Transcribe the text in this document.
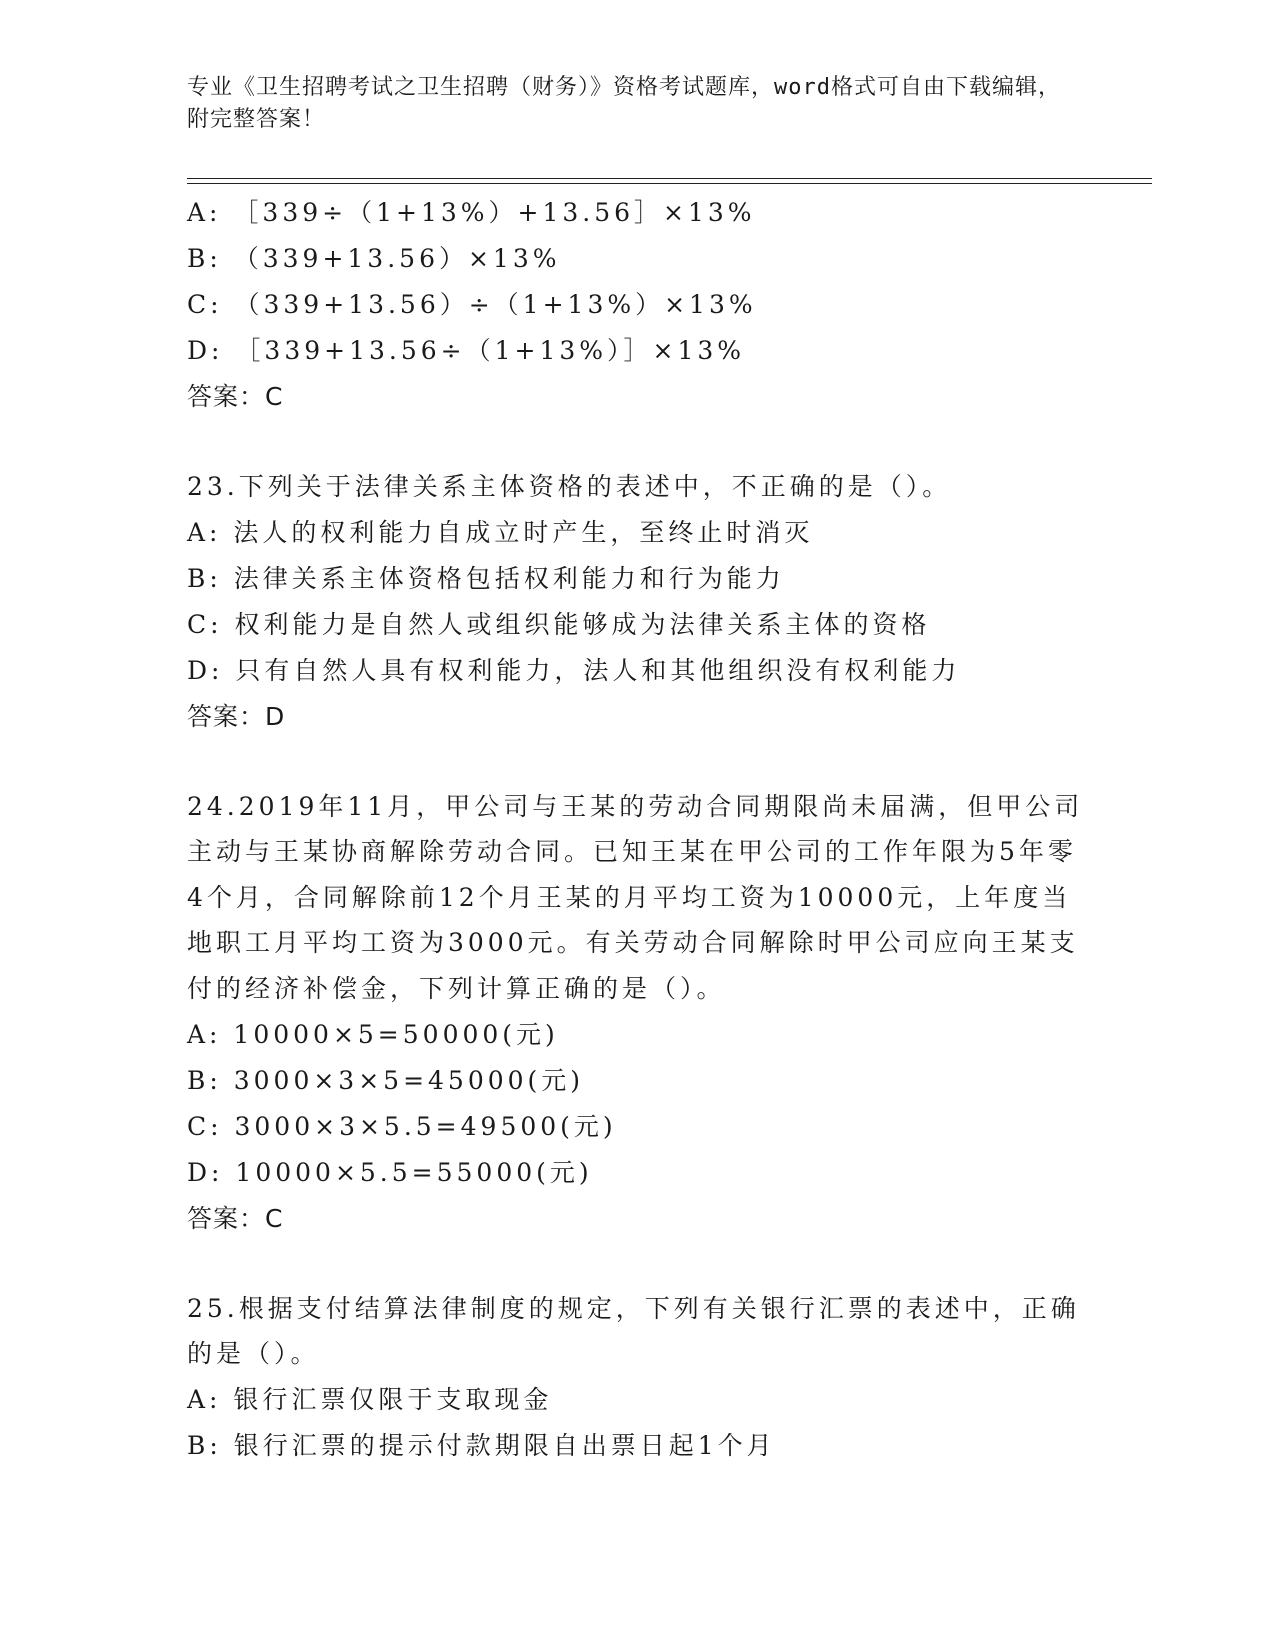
专业《卫生招聘考试之卫生招聘（财务）》资格考试题库，word格式可自由下载编辑，附完整答案！
A: ［339÷（1+13%）+13.56］×13%
B: （339+13.56）×13%
C: （339+13.56）÷（1+13%）×13%
D: ［339+13.56÷（1+13%）］×13%
答案：C
23.下列关于法律关系主体资格的表述中，不正确的是（）。
A: 法人的权利能力自成立时产生，至终止时消灭
B: 法律关系主体资格包括权利能力和行为能力
C: 权利能力是自然人或组织能够成为法律关系主体的资格
D: 只有自然人具有权利能力，法人和其他组织没有权利能力
答案：D
24.2019年11月，甲公司与王某的劳动合同期限尚未届满，但甲公司主动与王某协商解除劳动合同。已知王某在甲公司的工作年限为5年零4个月，合同解除前12个月王某的月平均工资为10000元，上年度当地职工月平均工资为3000元。有关劳动合同解除时甲公司应向王某支付的经济补偿金，下列计算正确的是（）。
A: 10000×5=50000(元)
B: 3000×3×5=45000(元)
C: 3000×3×5.5=49500(元)
D: 10000×5.5=55000(元)
答案：C
25.根据支付结算法律制度的规定，下列有关银行汇票的表述中，正确的是（）。
A: 银行汇票仅限于支取现金
B: 银行汇票的提示付款期限自出票日起1个月
